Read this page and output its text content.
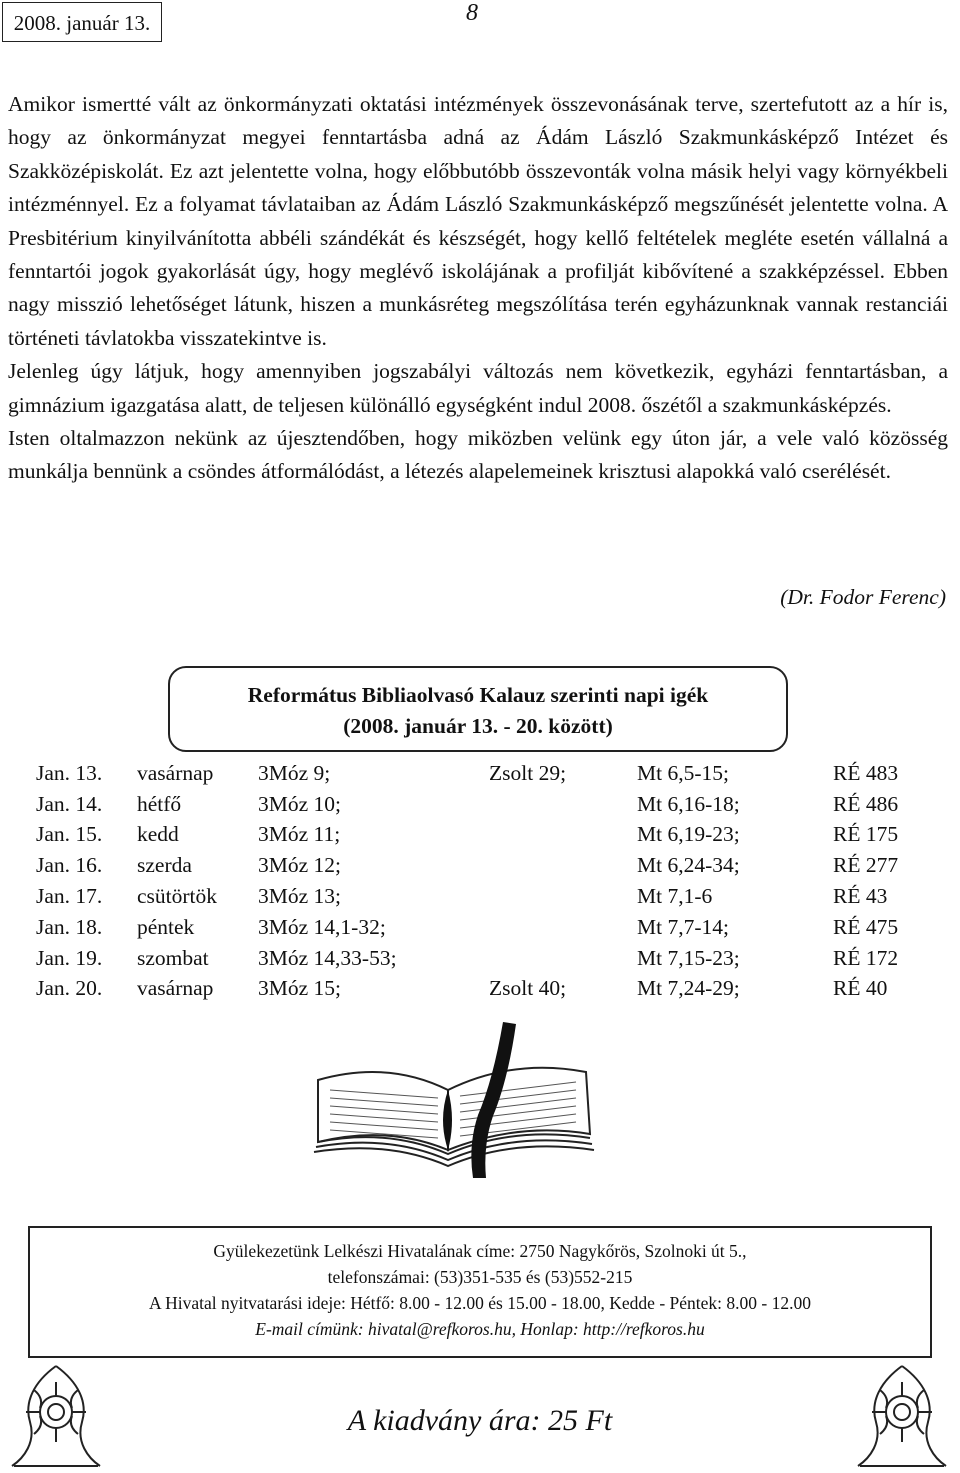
2008. január 13.	8

Amikor ismertté vált az önkormányzati oktatási intézmények összevonásának terve, szertefutott az a hír is, hogy az önkormányzat megyei fenntartásba adná az Ádám László Szakmunkásképző Intézet és Szakközépiskolát. Ez azt jelentette volna, hogy előbbutóbb összevonták volna másik helyi vagy környékbeli intézménnyel. Ez a folyamat távlataiban az Ádám László Szakmunkásképző megszűnését jelentette volna. A Presbitérium kinyilvánította abbéli szándékát és készségét, hogy kellő feltételek megléte esetén vállalná a fenntartói jogok gyakorlását úgy, hogy meglévő iskolájának a profilját kibővítené a szakképzéssel. Ebben nagy misszió lehetőséget látunk, hiszen a munkásréteg megszólítása terén egyházunknak vannak restanciái történeti távlatokba visszatekintve is.

Jelenleg úgy látjuk, hogy amennyiben jogszabályi változás nem következik, egyházi fenntartásban, a gimnázium igazgatása alatt, de teljesen különálló egységként indul 2008. őszétől a szakmunkásképzés.

Isten oltalmazzon nekünk az újesztendőben, hogy miközben velünk egy úton jár, a vele való közösség munkálja bennünk a csöndes átformálódást, a létezés alapelemeinek krisztusi alapokká való cserélését.

(Dr. Fodor Ferenc)
Református Bibliaolvasó Kalauz szerinti napi igék
(2008. január 13. - 20. között)
Jan. 13.	vasárnap	3Móz 9;	Zsolt 29;	Mt 6,5-15;	RÉ 483
Jan. 14.	hétfő	3Móz 10;		Mt 6,16-18;	RÉ 486
Jan. 15.	kedd	3Móz 11;		Mt 6,19-23;	RÉ 175
Jan. 16.	szerda	3Móz 12;		Mt 6,24-34;	RÉ 277
Jan. 17.	csütörtök	3Móz 13;		Mt 7,1-6	RÉ 43
Jan. 18.	péntek	3Móz 14,1-32;		Mt 7,7-14;	RÉ 475
Jan. 19.	szombat	3Móz 14,33-53;		Mt 7,15-23;	RÉ 172
Jan. 20.	vasárnap	3Móz 15;	Zsolt 40;	Mt 7,24-29;	RÉ 40
Gyülekezetünk Lelkészi Hivatalának címe: 2750 Nagykőrös, Szolnoki út 5.,
telefonszámai: (53)351-535 és (53)552-215
A Hivatal nyitvatarási ideje: Hétfő: 8.00 - 12.00 és 15.00 - 18.00, Kedde - Péntek: 8.00 - 12.00
E-mail címünk: hivatal@refkoros.hu, Honlap: http://refkoros.hu
A kiadvány ára: 25 Ft
